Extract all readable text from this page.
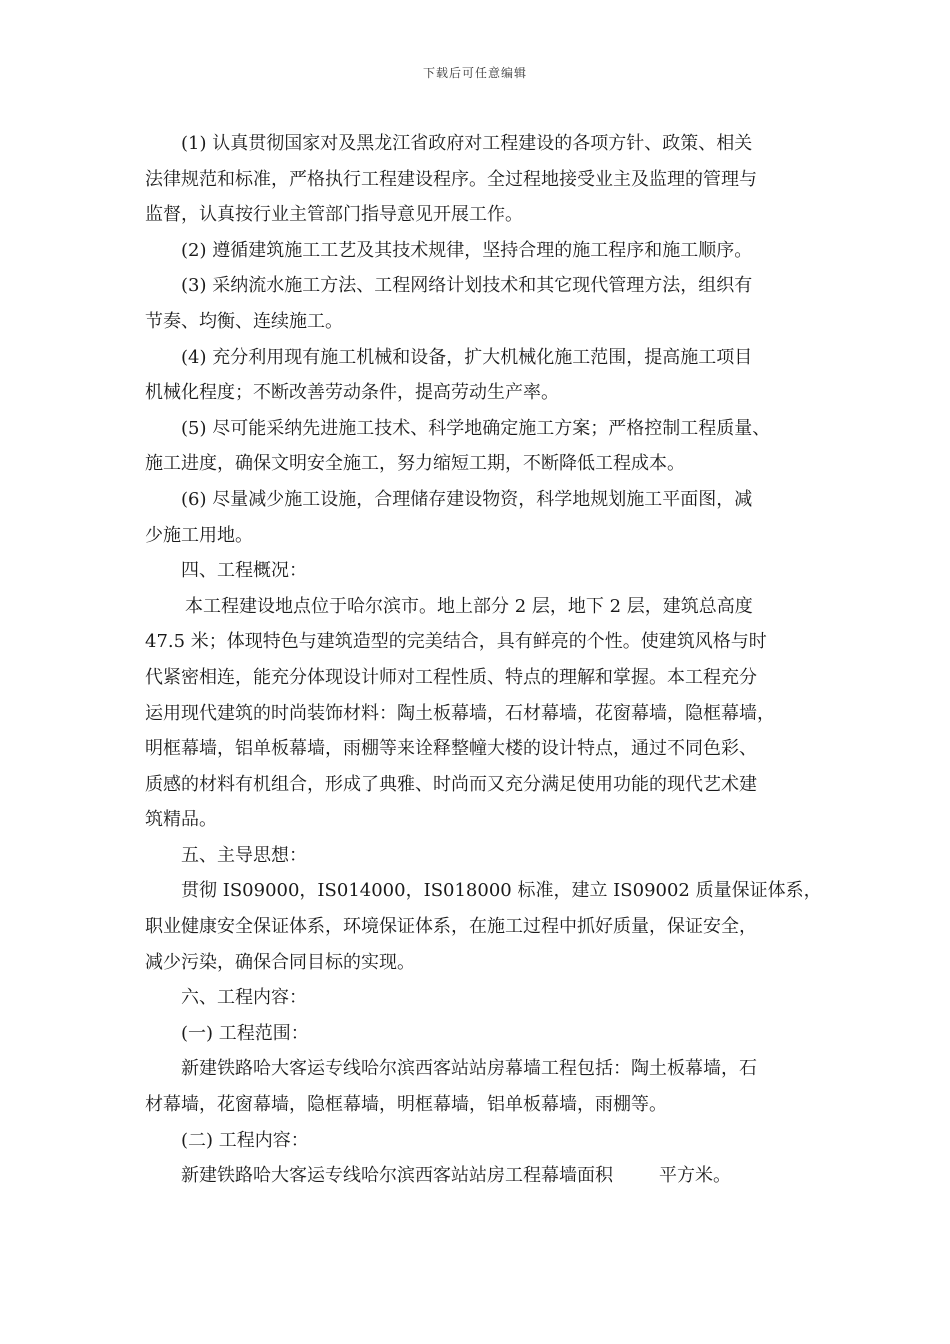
下载后可任意编辑

(1) 认真贯彻国家对及黑龙江省政府对工程建设的各项方针、政策、相关

法律规范和标准，严格执行工程建设程序。全过程地接受业主及监理的管理与

监督，认真按行业主管部门指导意见开展工作。

(2) 遵循建筑施工工艺及其技术规律，坚持合理的施工程序和施工顺序。

(3) 采纳流水施工方法、工程网络计划技术和其它现代管理方法，组织有

节奏、均衡、连续施工。

(4) 充分利用现有施工机械和设备，扩大机械化施工范围，提高施工项目

机械化程度；不断改善劳动条件，提高劳动生产率。

(5) 尽可能采纳先进施工技术、科学地确定施工方案；严格控制工程质量、

施工进度，确保文明安全施工，努力缩短工期，不断降低工程成本。

(6) 尽量减少施工设施，合理储存建设物资，科学地规划施工平面图，减

少施工用地。

四、工程概况：

本工程建设地点位于哈尔滨市。地上部分 2 层，地下 2 层，建筑总高度

47.5 米；体现特色与建筑造型的完美结合，具有鲜亮的个性。使建筑风格与时

代紧密相连，能充分体现设计师对工程性质、特点的理解和掌握。本工程充分

运用现代建筑的时尚装饰材料：陶土板幕墙，石材幕墙，花窗幕墙，隐框幕墙，

明框幕墙，铝单板幕墙，雨棚等来诠释整幢大楼的设计特点，通过不同色彩、

质感的材料有机组合，形成了典雅、时尚而又充分满足使用功能的现代艺术建

筑精品。

五、主导思想：

贯彻 IS09000，IS014000，IS018000 标准，建立 IS09002 质量保证体系，

职业健康安全保证体系，环境保证体系，在施工过程中抓好质量，保证安全，

减少污染，确保合同目标的实现。

六、工程内容：

(一) 工程范围：

新建铁路哈大客运专线哈尔滨西客站站房幕墙工程包括：陶土板幕墙，石

材幕墙，花窗幕墙，隐框幕墙，明框幕墙，铝单板幕墙，雨棚等。

(二) 工程内容：

新建铁路哈大客运专线哈尔滨西客站站房工程幕墙面积	平方米。
